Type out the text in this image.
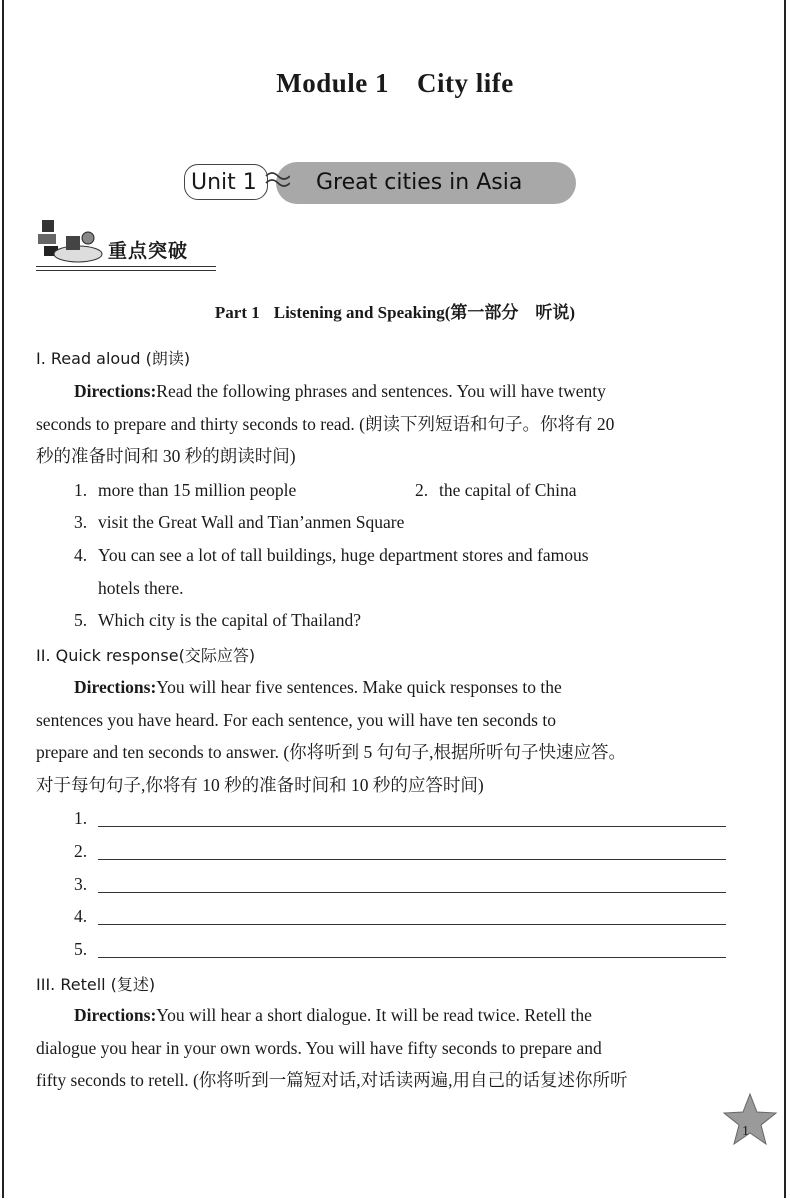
Module 1 City life
Great cities in Asia
Unit 1
重点突破
Part 1 Listening and Speaking(第一部分　听说)
I. Read aloud (朗读)
Directions:Read the following phrases and sentences. You will have twenty
seconds to prepare and thirty seconds to read. (朗读下列短语和句子。你将有 20
秒的准备时间和 30 秒的朗读时间)
1. more than 15 million people	2. the capital of China
3. visit the Great Wall and Tian’anmen Square
4. You can see a lot of tall buildings, huge department stores and famous
hotels there.
5. Which city is the capital of Thailand?
II. Quick response(交际应答)
Directions:You will hear five sentences. Make quick responses to the
sentences you have heard. For each sentence, you will have ten seconds to
prepare and ten seconds to answer. (你将听到 5 句句子,根据所听句子快速应答。
对于每句句子,你将有 10 秒的准备时间和 10 秒的应答时间)
1.
2.
3.
4.
5.
III. Retell (复述)
Directions:You will hear a short dialogue. It will be read twice. Retell the
dialogue you hear in your own words. You will have fifty seconds to prepare and
fifty seconds to retell. (你将听到一篇短对话,对话读两遍,用自己的话复述你所听
1
